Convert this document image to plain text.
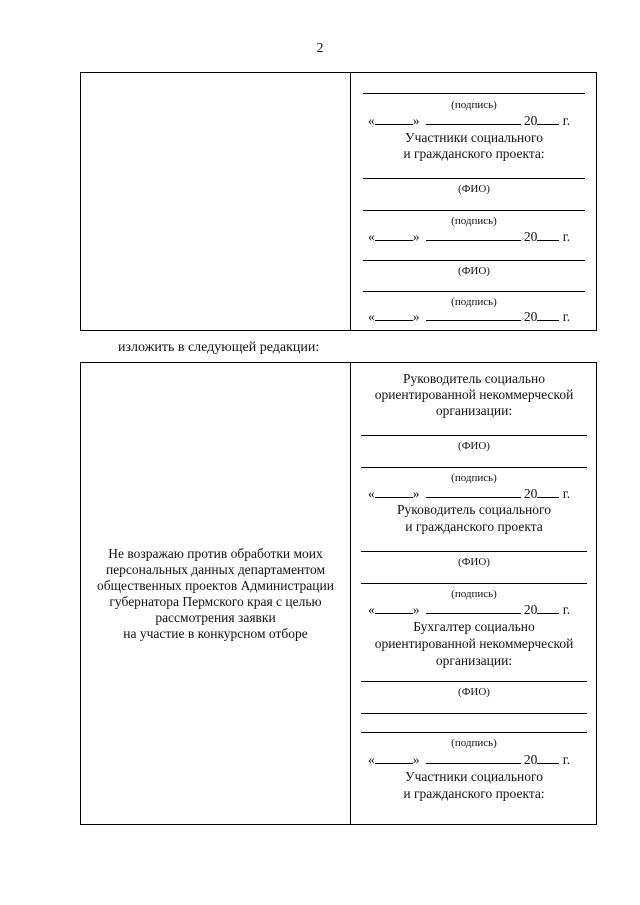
2
(подпись)
«	»	20 г.
Участники социального
и гражданского проекта:
(ФИО)
(подпись)
«	»	20 г.
(ФИО)
(подпись)
«	»	20 г.
изложить в следующей редакции:
Не возражаю против обработки моих
персональных данных департаментом
общественных проектов Администрации
губернатора Пермского края с целью
рассмотрения заявки
на участие в конкурсном отборе
Руководитель социально
ориентированной некоммерческой
организации:
(ФИО)
(подпись)
«	»	20 г.
Руководитель социального
и гражданского проекта
(ФИО)
(подпись)
«	»	20 г.
Бухгалтер социально
ориентированной некоммерческой
организации:
(ФИО)
(подпись)
«	»	20 г.
Участники социального
и гражданского проекта:
